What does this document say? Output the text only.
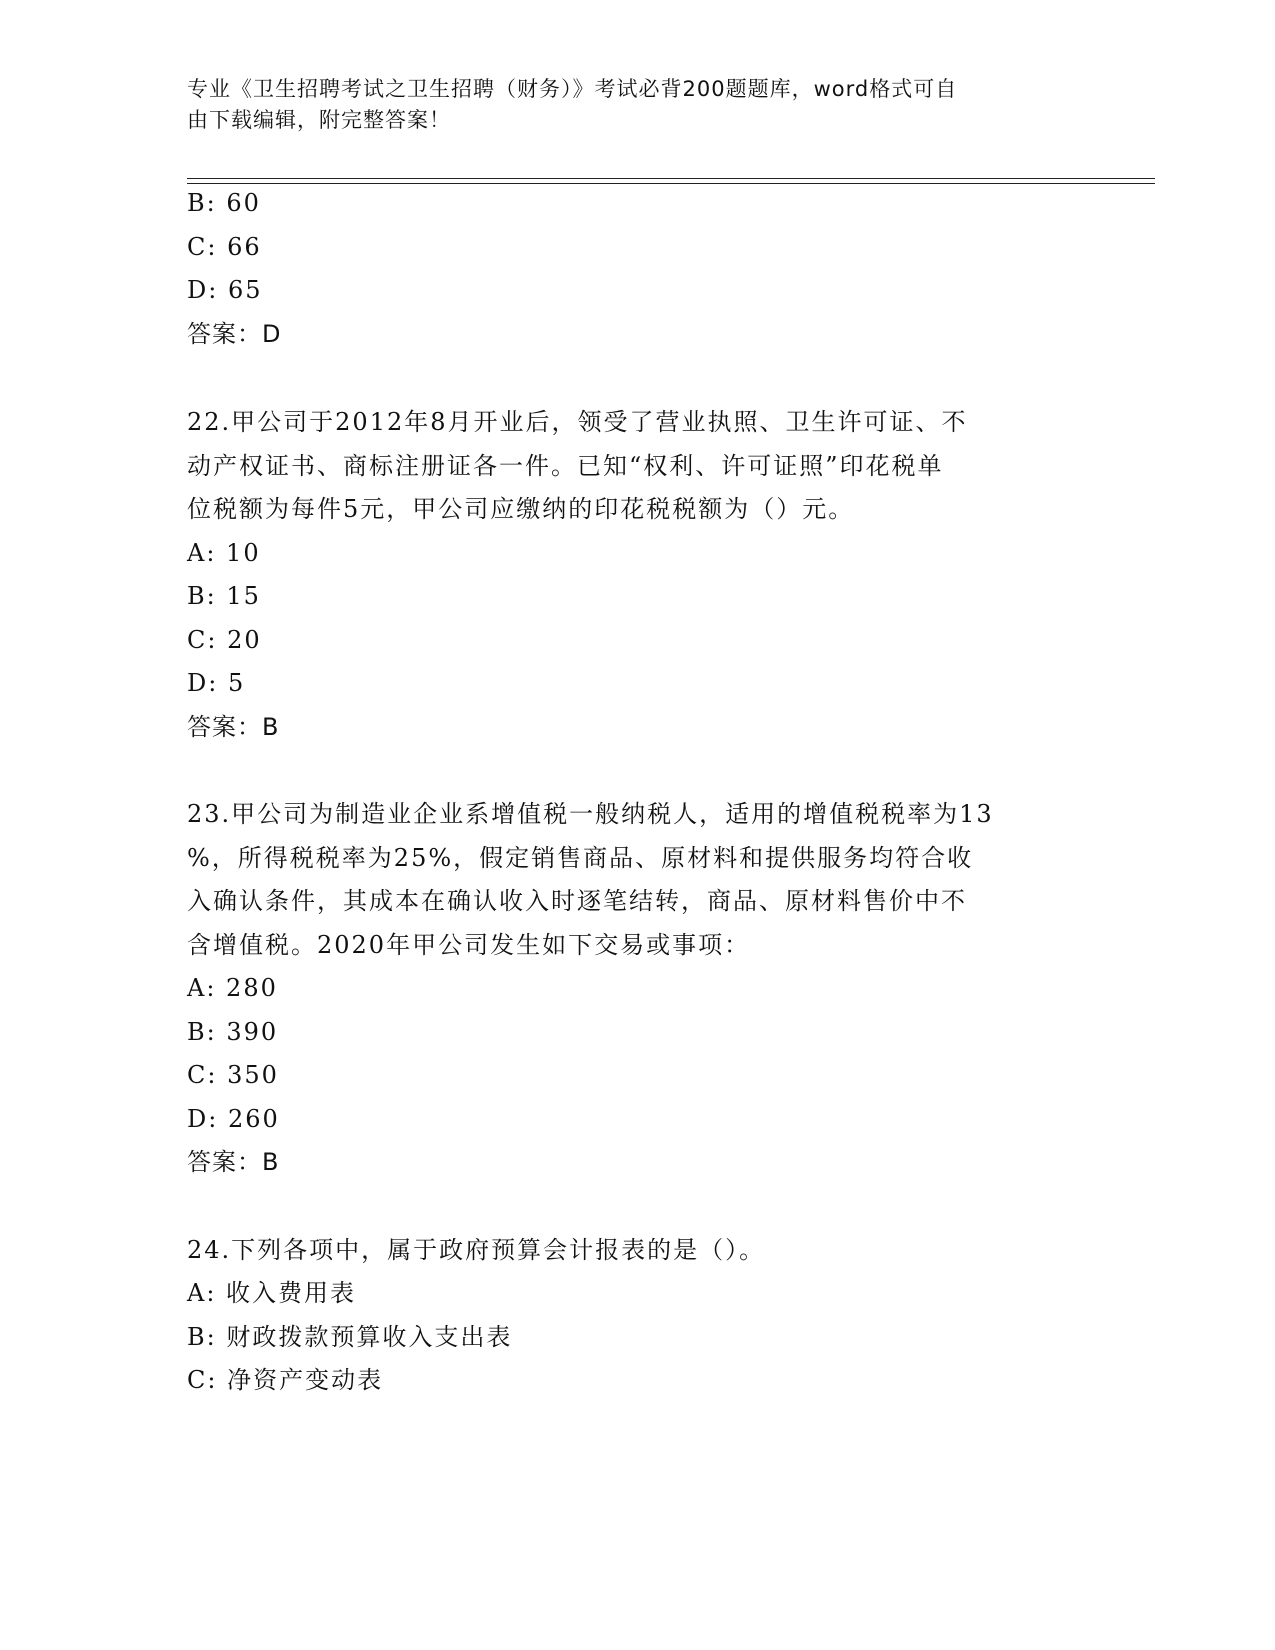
专业《卫生招聘考试之卫生招聘（财务）》考试必背200题题库，word格式可自
由下载编辑，附完整答案！
B: 60
C: 66
D: 65
答案：D
22.甲公司于2012年8月开业后，领受了营业执照、卫生许可证、不
动产权证书、商标注册证各一件。已知“权利、许可证照”印花税单
位税额为每件5元，甲公司应缴纳的印花税税额为（）元。
A: 10
B: 15
C: 20
D: 5
答案：B
23.甲公司为制造业企业系增值税一般纳税人，适用的增值税税率为13
%，所得税税率为25%，假定销售商品、原材料和提供服务均符合收
入确认条件，其成本在确认收入时逐笔结转，商品、原材料售价中不
含增值税。2020年甲公司发生如下交易或事项：
A: 280
B: 390
C: 350
D: 260
答案：B
24.下列各项中，属于政府预算会计报表的是（）。
A: 收入费用表
B: 财政拨款预算收入支出表
C: 净资产变动表
